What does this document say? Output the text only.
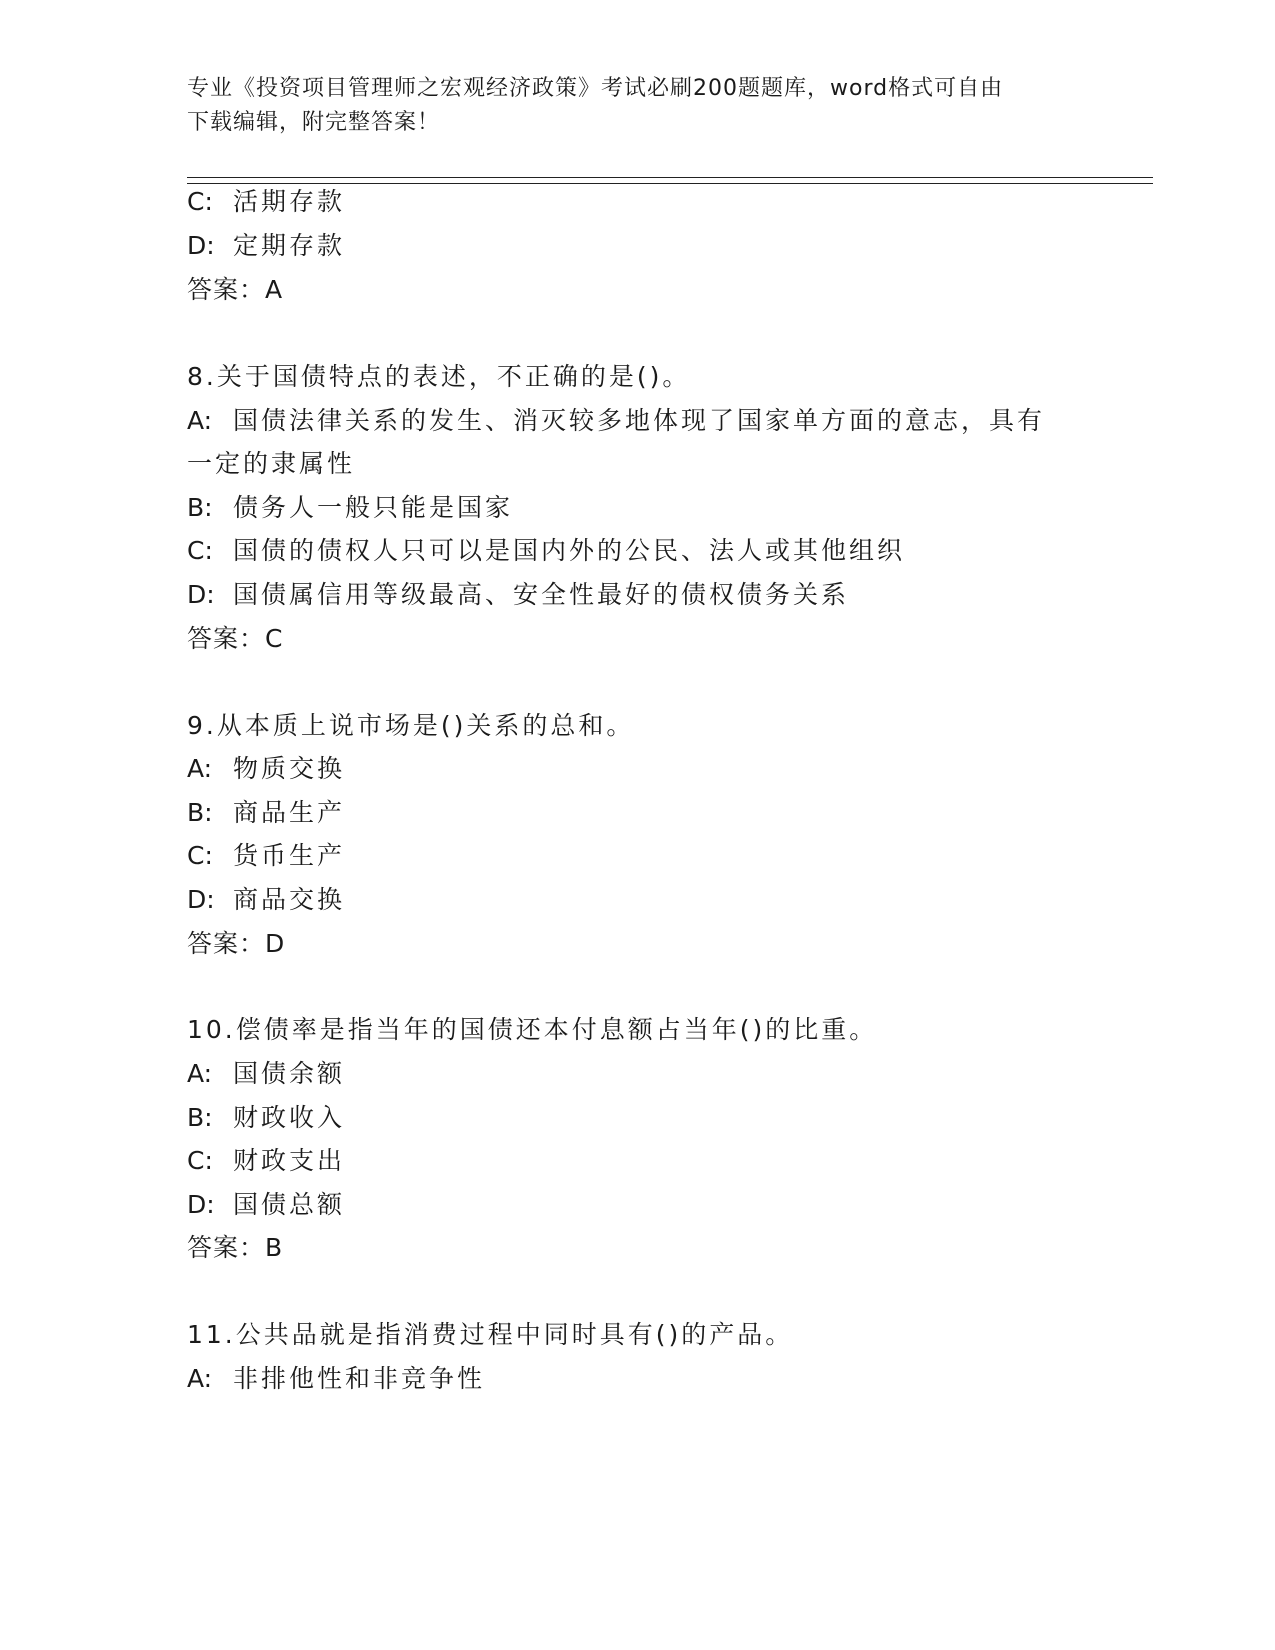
专业《投资项目管理师之宏观经济政策》考试必刷200题题库，word格式可自由
下载编辑，附完整答案！
C: 活期存款
D: 定期存款
答案：A
8.关于国债特点的表述，不正确的是()。
A: 国债法律关系的发生、消灭较多地体现了国家单方面的意志，具有
一定的隶属性
B: 债务人一般只能是国家
C: 国债的债权人只可以是国内外的公民、法人或其他组织
D: 国债属信用等级最高、安全性最好的债权债务关系
答案：C
9.从本质上说市场是()关系的总和。
A: 物质交换
B: 商品生产
C: 货币生产
D: 商品交换
答案：D
10.偿债率是指当年的国债还本付息额占当年()的比重。
A: 国债余额
B: 财政收入
C: 财政支出
D: 国债总额
答案：B
11.公共品就是指消费过程中同时具有()的产品。
A: 非排他性和非竞争性
